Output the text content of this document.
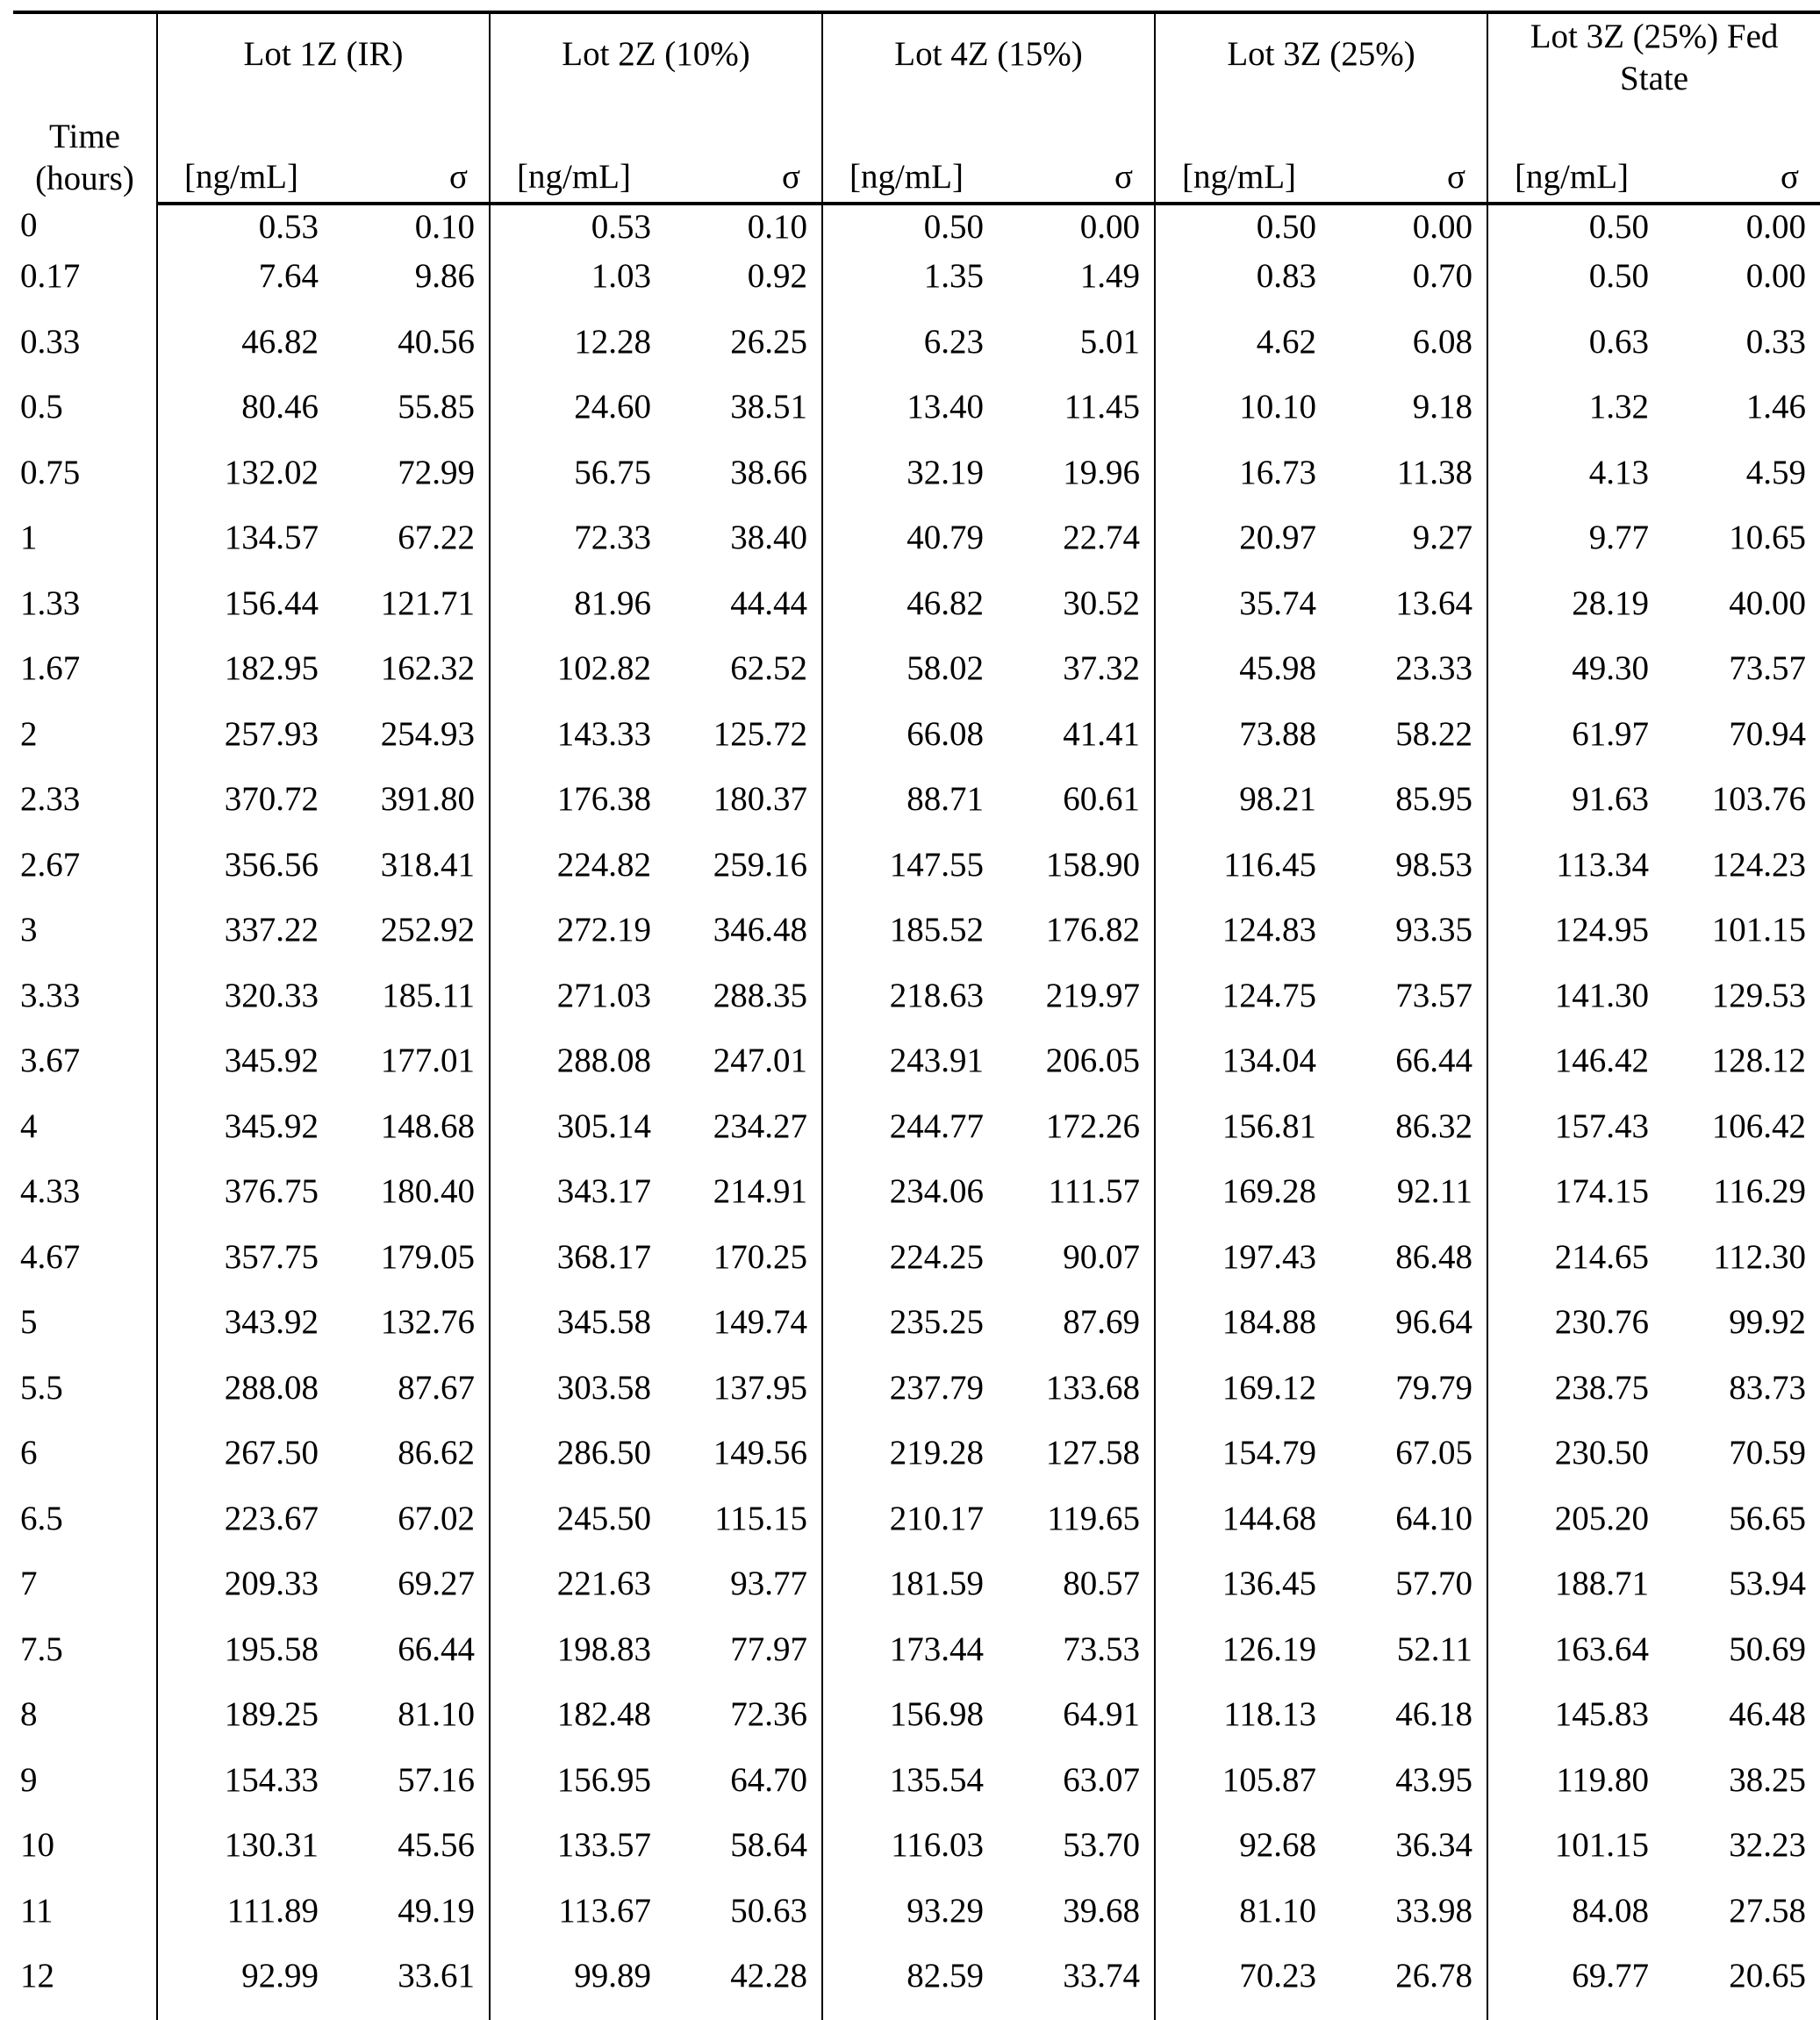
Time (hours)	Lot 1Z (IR)	Lot 2Z (10%)	Lot 4Z (15%)	Lot 3Z (25%)	Lot 3Z (25%) Fed State
[ng/mL]	σ	[ng/mL]	σ	[ng/mL]	σ	[ng/mL]	σ	[ng/mL]	σ
0	0.53	0.10	0.53	0.10	0.50	0.00	0.50	0.00	0.50	0.00
0.17	7.64	9.86	1.03	0.92	1.35	1.49	0.83	0.70	0.50	0.00
0.33	46.82	40.56	12.28	26.25	6.23	5.01	4.62	6.08	0.63	0.33
0.5	80.46	55.85	24.60	38.51	13.40	11.45	10.10	9.18	1.32	1.46
0.75	132.02	72.99	56.75	38.66	32.19	19.96	16.73	11.38	4.13	4.59
1	134.57	67.22	72.33	38.40	40.79	22.74	20.97	9.27	9.77	10.65
1.33	156.44	121.71	81.96	44.44	46.82	30.52	35.74	13.64	28.19	40.00
1.67	182.95	162.32	102.82	62.52	58.02	37.32	45.98	23.33	49.30	73.57
2	257.93	254.93	143.33	125.72	66.08	41.41	73.88	58.22	61.97	70.94
2.33	370.72	391.80	176.38	180.37	88.71	60.61	98.21	85.95	91.63	103.76
2.67	356.56	318.41	224.82	259.16	147.55	158.90	116.45	98.53	113.34	124.23
3	337.22	252.92	272.19	346.48	185.52	176.82	124.83	93.35	124.95	101.15
3.33	320.33	185.11	271.03	288.35	218.63	219.97	124.75	73.57	141.30	129.53
3.67	345.92	177.01	288.08	247.01	243.91	206.05	134.04	66.44	146.42	128.12
4	345.92	148.68	305.14	234.27	244.77	172.26	156.81	86.32	157.43	106.42
4.33	376.75	180.40	343.17	214.91	234.06	111.57	169.28	92.11	174.15	116.29
4.67	357.75	179.05	368.17	170.25	224.25	90.07	197.43	86.48	214.65	112.30
5	343.92	132.76	345.58	149.74	235.25	87.69	184.88	96.64	230.76	99.92
5.5	288.08	87.67	303.58	137.95	237.79	133.68	169.12	79.79	238.75	83.73
6	267.50	86.62	286.50	149.56	219.28	127.58	154.79	67.05	230.50	70.59
6.5	223.67	67.02	245.50	115.15	210.17	119.65	144.68	64.10	205.20	56.65
7	209.33	69.27	221.63	93.77	181.59	80.57	136.45	57.70	188.71	53.94
7.5	195.58	66.44	198.83	77.97	173.44	73.53	126.19	52.11	163.64	50.69
8	189.25	81.10	182.48	72.36	156.98	64.91	118.13	46.18	145.83	46.48
9	154.33	57.16	156.95	64.70	135.54	63.07	105.87	43.95	119.80	38.25
10	130.31	45.56	133.57	58.64	116.03	53.70	92.68	36.34	101.15	32.23
11	111.89	49.19	113.67	50.63	93.29	39.68	81.10	33.98	84.08	27.58
12	92.99	33.61	99.89	42.28	82.59	33.74	70.23	26.78	69.77	20.65
